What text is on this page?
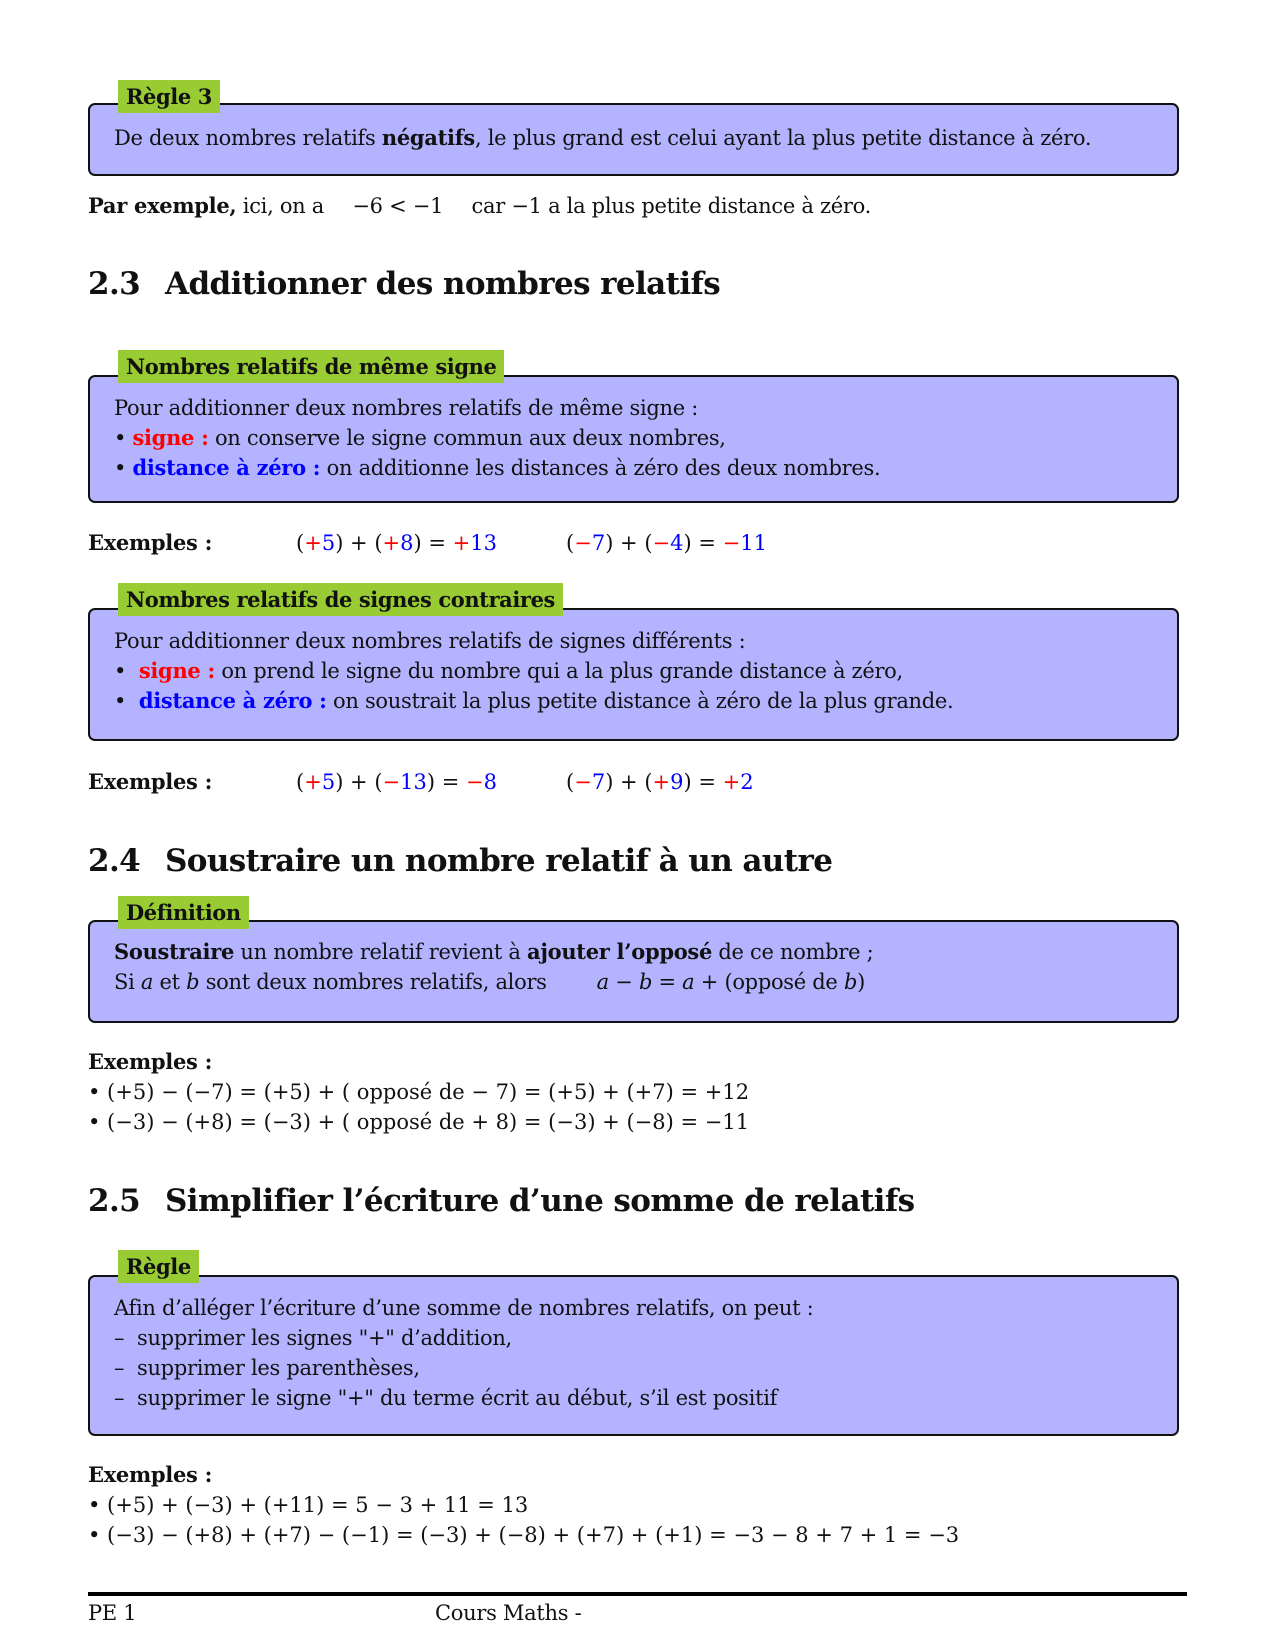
Règle 3
De deux nombres relatifs négatifs, le plus grand est celui ayant la plus petite distance à zéro.
Par exemple, ici, on a −6 < −1 car −1 a la plus petite distance à zéro.
2.3 Additionner des nombres relatifs
Nombres relatifs de même signe
Pour additionner deux nombres relatifs de même signe :
• signe : on conserve le signe commun aux deux nombres,
• distance à zéro : on additionne les distances à zéro des deux nombres.
Exemples :	(+5) + (+8) = +13	(−7) + (−4) = −11
Nombres relatifs de signes contraires
Pour additionner deux nombres relatifs de signes différents :
• signe : on prend le signe du nombre qui a la plus grande distance à zéro,
• distance à zéro : on soustrait la plus petite distance à zéro de la plus grande.
Exemples :	(+5) + (−13) = −8	(−7) + (+9) = +2
2.4 Soustraire un nombre relatif à un autre
Définition
Soustraire un nombre relatif revient à ajouter l’opposé de ce nombre ;
Si a et b sont deux nombres relatifs, alors a − b = a + (opposé de b)
Exemples :
• (+5) − (−7) = (+5) + ( opposé de − 7) = (+5) + (+7) = +12
• (−3) − (+8) = (−3) + ( opposé de + 8) = (−3) + (−8) = −11
2.5 Simplifier l’écriture d’une somme de relatifs
Règle
Afin d’alléger l’écriture d’une somme de nombres relatifs, on peut :
– supprimer les signes "+" d’addition,
– supprimer les parenthèses,
– supprimer le signe "+" du terme écrit au début, s’il est positif
Exemples :
• (+5) + (−3) + (+11) = 5 − 3 + 11 = 13
• (−3) − (+8) + (+7) − (−1) = (−3) + (−8) + (+7) + (+1) = −3 − 8 + 7 + 1 = −3
PE 1	Cours Maths -
